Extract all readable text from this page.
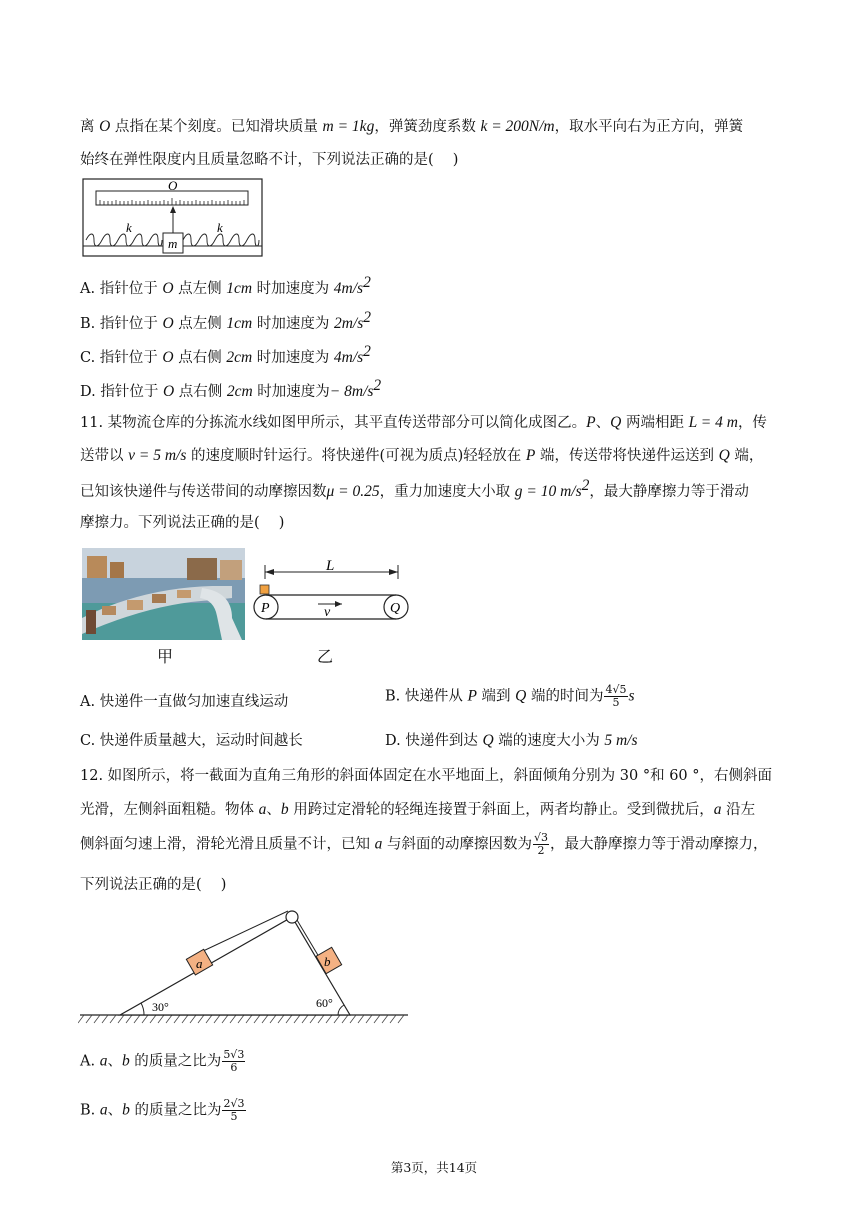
离 O 点指在某个刻度。已知滑块质量 m = 1kg，弹簧劲度系数 k = 200N/m，取水平向右为正方向，弹簧
始终在弹性限度内且质量忽略不计，下列说法正确的是(　 )
O
m
k	k
A. 指针位于 O 点左侧 1cm 时加速度为 $4m/s^2$
B. 指针位于 O 点左侧 1cm 时加速度为 $2m/s^2$
C. 指针位于 O 点右侧 2cm 时加速度为 $4m/s^2$
D. 指针位于 O 点右侧 2cm 时加速度为− $8m/s^2$
11. 某物流仓库的分拣流水线如图甲所示，其平直传送带部分可以简化成图乙。P、Q 两端相距 L = 4 m，传
送带以 v = 5 m/s 的速度顺时针运行。将快递件(可视为质点)轻轻放在 P 端，传送带将快递件运送到 Q 端，
已知该快递件与传送带间的动摩擦因数μ = 0.25，重力加速度大小取 g = 10 $m/s^2$，最大静摩擦力等于滑动
摩擦力。下列说法正确的是(　 )
甲
L
P	Q
v
乙
A. 快递件一直做匀加速直线运动	B. 快递件从 P 端到 Q 端的时间为 $\frac{4√5}{5}$ s
C. 快递件质量越大，运动时间越长	D. 快递件到达 Q 端的速度大小为 5 m/s
12. 如图所示，将一截面为直角三角形的斜面体固定在水平地面上，斜面倾角分别为 30 °和 60 °，右侧斜面
光滑，左侧斜面粗糙。物体 a、b 用跨过定滑轮的轻绳连接置于斜面上，两者均静止。受到微扰后，a 沿左
侧斜面匀速上滑，滑轮光滑且质量不计，已知 a 与斜面的动摩擦因数为 $\frac{√3}{2}$ ，最大静摩擦力等于滑动摩擦力，
下列说法正确的是(　 )
a	b
30°	60°
A. a、b 的质量之比为 $\frac{5√3}{6}$
B. a、b 的质量之比为 $\frac{2√3}{5}$
第3页，共14页
